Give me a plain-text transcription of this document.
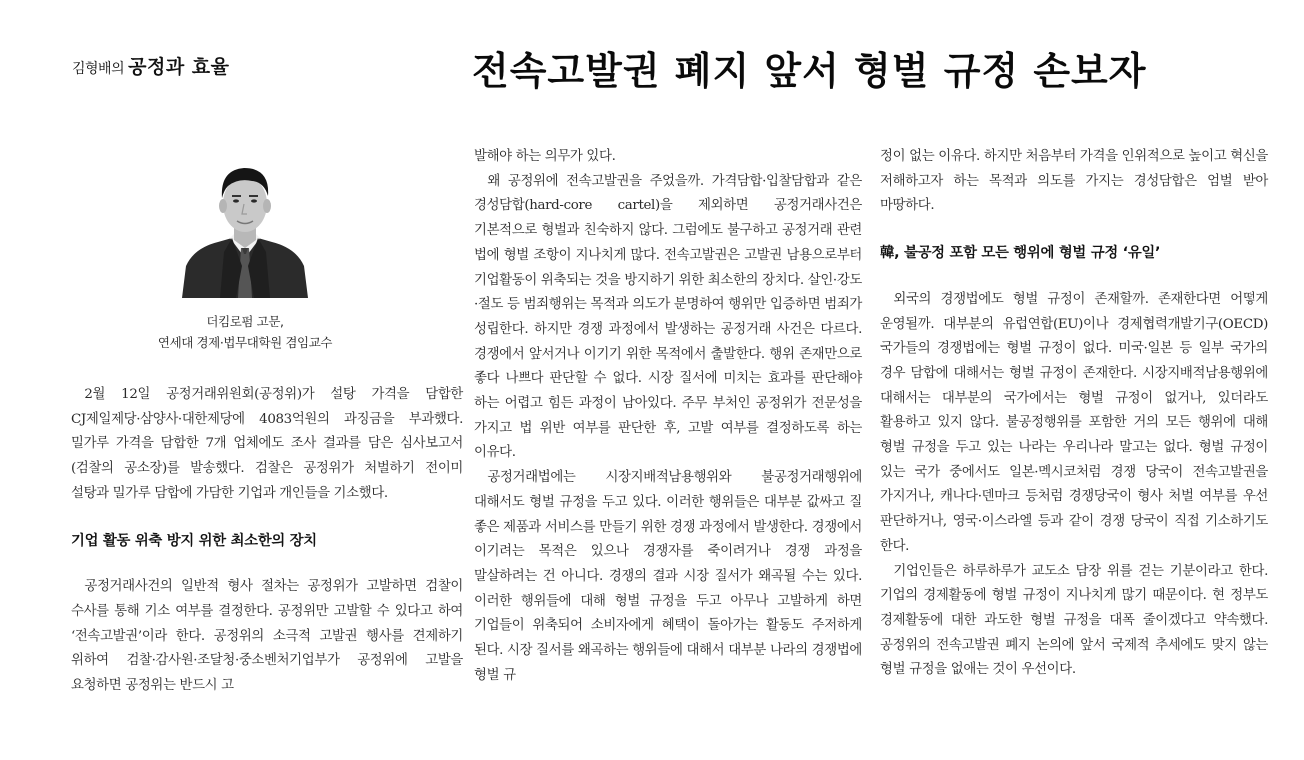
김형배의 공정과 효율	전속고발권 폐지 앞서 형벌 규정 손보자
더킴로펌 고문,
연세대 경제·법무대학원 겸임교수

2월 12일 공정거래위원회(공정위)가 설탕 가격을 담합한 CJ제일제당·삼양사·대한제당에 4083억원의 과징금을 부과했다. 밀가루 가격을 담합한 7개 업체에도 조사 결과를 담은 심사보고서(검찰의 공소장)를 발송했다. 검찰은 공정위가 처벌하기 전이미 설탕과 밀가루 담합에 가담한 기업과 개인들을 기소했다.

기업 활동 위축 방지 위한 최소한의 장치

공정거래사건의 일반적 형사 절차는 공정위가 고발하면 검찰이 수사를 통해 기소 여부를 결정한다. 공정위만 고발할 수 있다고 하여 ‘전속고발권’이라 한다. 공정위의 소극적 고발권 행사를 견제하기 위하여 검찰·감사원·조달청·중소벤처기업부가 공정위에 고발을 요청하면 공정위는 반드시 고

발해야 하는 의무가 있다.

왜 공정위에 전속고발권을 주었을까. 가격담합·입찰담합과 같은 경성담합(hard-core cartel)을 제외하면 공정거래사건은 기본적으로 형벌과 친숙하지 않다. 그럼에도 불구하고 공정거래 관련 법에 형벌 조항이 지나치게 많다. 전속고발권은 고발권 남용으로부터 기업활동이 위축되는 것을 방지하기 위한 최소한의 장치다. 살인·강도·절도 등 범죄행위는 목적과 의도가 분명하여 행위만 입증하면 범죄가 성립한다. 하지만 경쟁 과정에서 발생하는 공정거래 사건은 다르다. 경쟁에서 앞서거나 이기기 위한 목적에서 출발한다. 행위 존재만으로 좋다 나쁘다 판단할 수 없다. 시장 질서에 미치는 효과를 판단해야 하는 어렵고 힘든 과정이 남아있다. 주무 부처인 공정위가 전문성을 가지고 법 위반 여부를 판단한 후, 고발 여부를 결정하도록 하는 이유다.

공정거래법에는 시장지배적남용행위와 불공정거래행위에 대해서도 형벌 규정을 두고 있다. 이러한 행위들은 대부분 값싸고 질 좋은 제품과 서비스를 만들기 위한 경쟁 과정에서 발생한다. 경쟁에서 이기려는 목적은 있으나 경쟁자를 죽이려거나 경쟁 과정을 말살하려는 건 아니다. 경쟁의 결과 시장 질서가 왜곡될 수는 있다. 이러한 행위들에 대해 형벌 규정을 두고 아무나 고발하게 하면 기업들이 위축되어 소비자에게 혜택이 돌아가는 활동도 주저하게 된다. 시장 질서를 왜곡하는 행위들에 대해서 대부분 나라의 경쟁법에 형벌 규

정이 없는 이유다. 하지만 처음부터 가격을 인위적으로 높이고 혁신을 저해하고자 하는 목적과 의도를 가지는 경성담합은 엄벌 받아 마땅하다.

韓, 불공정 포함 모든 행위에 형벌 규정 ‘유일’

외국의 경쟁법에도 형벌 규정이 존재할까. 존재한다면 어떻게 운영될까. 대부분의 유럽연합(EU)이나 경제협력개발기구(OECD) 국가들의 경쟁법에는 형벌 규정이 없다. 미국·일본 등 일부 국가의 경우 담합에 대해서는 형벌 규정이 존재한다. 시장지배적남용행위에 대해서는 대부분의 국가에서는 형벌 규정이 없거나, 있더라도 활용하고 있지 않다. 불공정행위를 포함한 거의 모든 행위에 대해 형벌 규정을 두고 있는 나라는 우리나라 말고는 없다. 형벌 규정이 있는 국가 중에서도 일본·멕시코처럼 경쟁 당국이 전속고발권을 가지거나, 캐나다·덴마크 등처럼 경쟁당국이 형사 처벌 여부를 우선 판단하거나, 영국·이스라엘 등과 같이 경쟁 당국이 직접 기소하기도 한다.

기업인들은 하루하루가 교도소 담장 위를 걷는 기분이라고 한다. 기업의 경제활동에 형벌 규정이 지나치게 많기 때문이다. 현 정부도 경제활동에 대한 과도한 형벌 규정을 대폭 줄이겠다고 약속했다. 공정위의 전속고발권 폐지 논의에 앞서 국제적 추세에도 맞지 않는 형벌 규정을 없애는 것이 우선이다.
